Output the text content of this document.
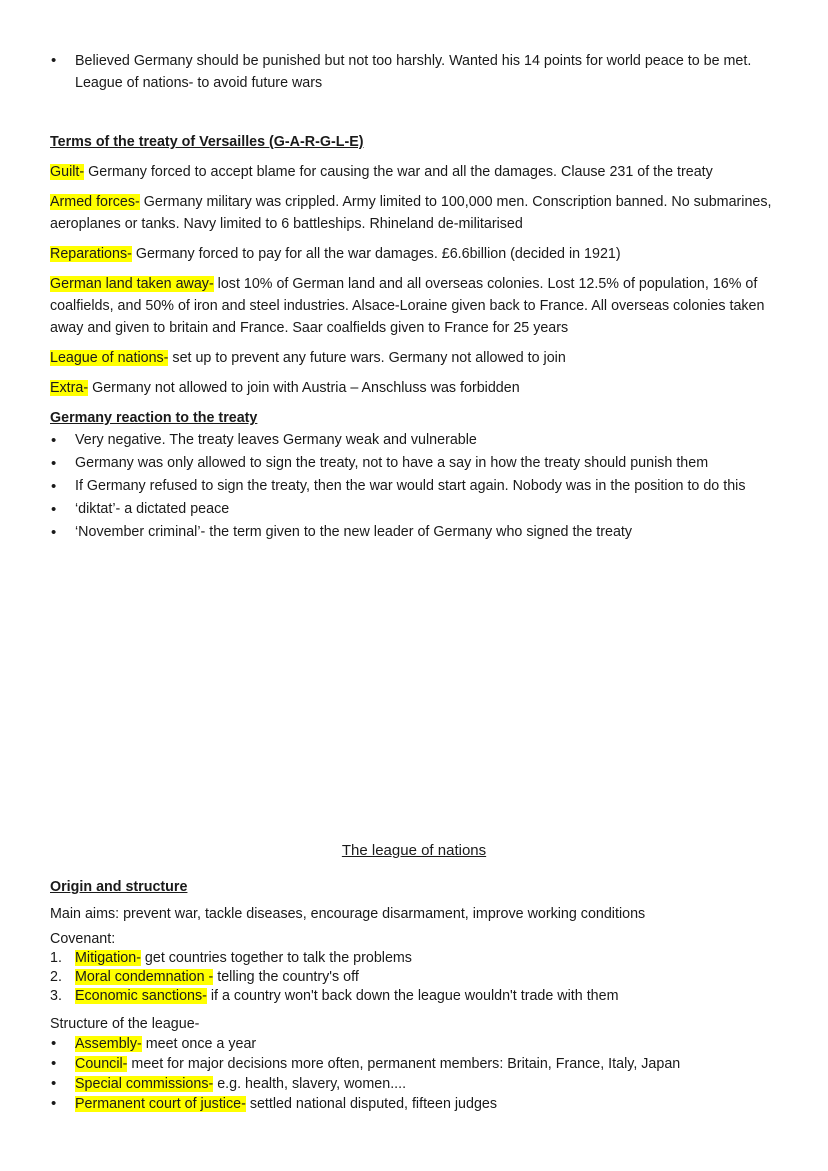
• Believed Germany should be punished but not too harshly. Wanted his 14 points for world peace to be met. League of nations- to avoid future wars
Terms of the treaty of Versailles (G-A-R-G-L-E)
Guilt- Germany forced to accept blame for causing the war and all the damages. Clause 231 of the treaty
Armed forces- Germany military was crippled. Army limited to 100,000 men. Conscription banned. No submarines, aeroplanes or tanks. Navy limited to 6 battleships. Rhineland de-militarised
Reparations- Germany forced to pay for all the war damages. £6.6billion (decided in 1921)
German land taken away- lost 10% of German land and all overseas colonies. Lost 12.5% of population, 16% of coalfields, and 50% of iron and steel industries. Alsace-Loraine given back to France. All overseas colonies taken away and given to britain and France. Saar coalfields given to France for 25 years
League of nations- set up to prevent any future wars. Germany not allowed to join
Extra- Germany not allowed to join with Austria – Anschluss was forbidden
Germany reaction to the treaty
• Very negative. The treaty leaves Germany weak and vulnerable
• Germany was only allowed to sign the treaty, not to have a say in how the treaty should punish them
• If Germany refused to sign the treaty, then the war would start again. Nobody was in the position to do this
• ‘diktat’- a dictated peace
• ‘November criminal’- the term given to the new leader of Germany who signed the treaty
The league of nations
Origin and structure
Main aims: prevent war, tackle diseases, encourage disarmament, improve working conditions
Covenant:
1. Mitigation- get countries together to talk the problems
2. Moral condemnation - telling the country's off
3. Economic sanctions- if a country won't back down the league wouldn't trade with them
Structure of the league-
• Assembly- meet once a year
• Council- meet for major decisions more often, permanent members: Britain, France, Italy, Japan
• Special commissions- e.g. health, slavery, women....
• Permanent court of justice- settled national disputed, fifteen judges
